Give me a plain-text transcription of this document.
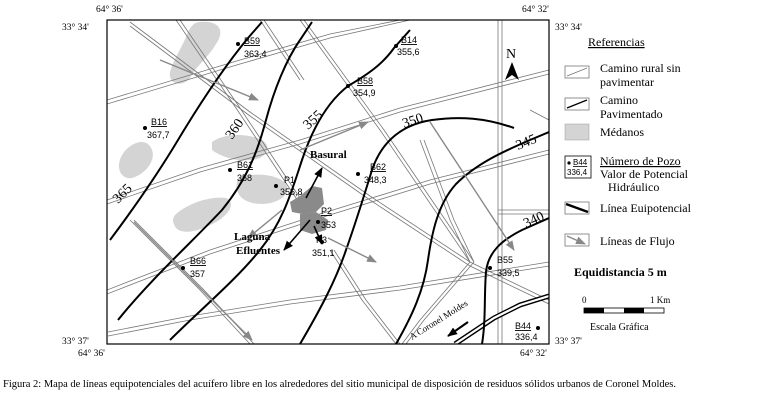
365
360	355	350
345
340
B59
363,4
B14
355,6
B58
354,9
B16
367,7
B61
358	P1
356,8
B62
348,3
P2
353
P3
351,1
B66
357
B55
339,5
B44
336,4
Basural
Laguna
Efluentes
A Coronel Moldes
N
64° 36'	64° 32'
64° 36'	64° 32'
33° 34'	33° 34'
33° 37'	33° 37'
Referencias
Camino rural sin
pavimentar
Camino
Pavimentado
Médanos
B44
336,4
Número de Pozo
Valor de Potencial
Hidráulico
Línea Euipotencial
Líneas de Flujo
Equidistancia 5 m
0	1 Km
Escala Gráfica
Figura 2: Mapa de líneas equipotenciales del acuífero libre en los alrededores del sitio municipal de disposición de residuos sólidos urbanos de Coronel Moldes.
